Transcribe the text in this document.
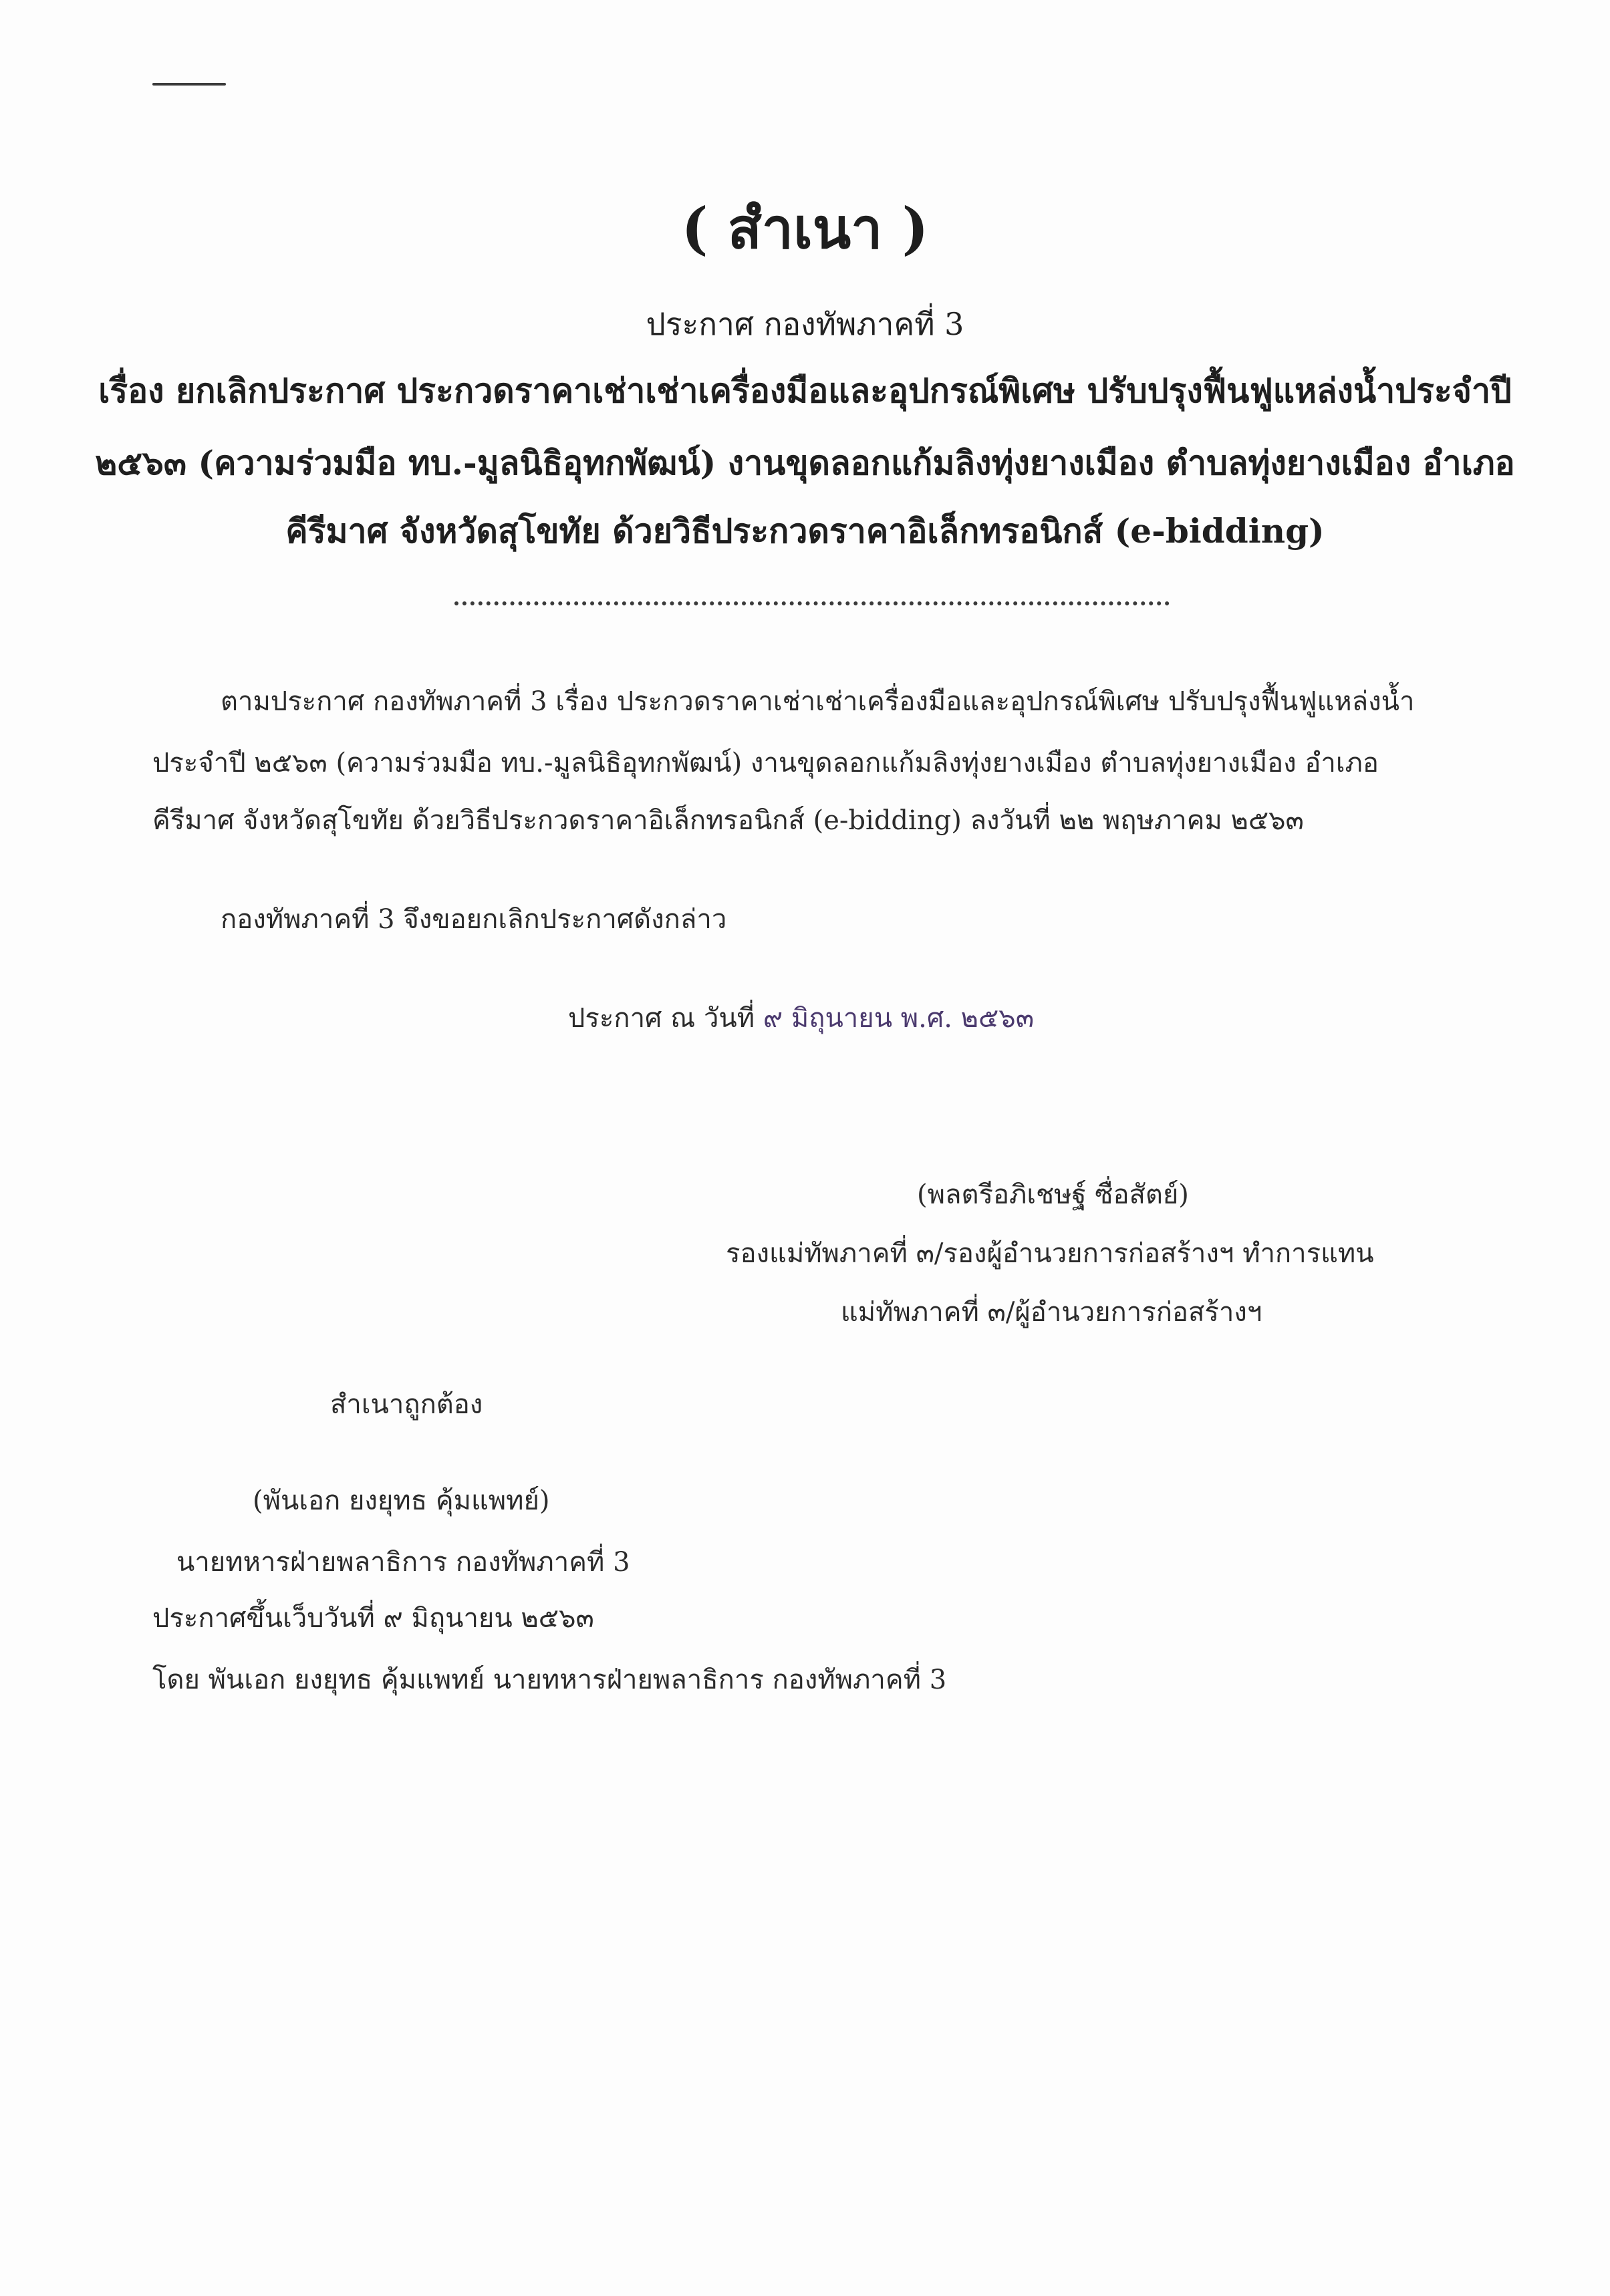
( สำเนา )
ประกาศ กองทัพภาคที่ 3
เรื่อง ยกเลิกประกาศ ประกวดราคาเช่าเช่าเครื่องมือและอุปกรณ์พิเศษ ปรับปรุงฟื้นฟูแหล่งน้ำประจำปี
๒๕๖๓ (ความร่วมมือ ทบ.-มูลนิธิอุทกพัฒน์) งานขุดลอกแก้มลิงทุ่งยางเมือง ตำบลทุ่งยางเมือง อำเภอ
คีรีมาศ จังหวัดสุโขทัย ด้วยวิธีประกวดราคาอิเล็กทรอนิกส์ (e-bidding)
ตามประกาศ กองทัพภาคที่ 3 เรื่อง ประกวดราคาเช่าเช่าเครื่องมือและอุปกรณ์พิเศษ ปรับปรุงฟื้นฟูแหล่งน้ำ
ประจำปี ๒๕๖๓ (ความร่วมมือ ทบ.-มูลนิธิอุทกพัฒน์) งานขุดลอกแก้มลิงทุ่งยางเมือง ตำบลทุ่งยางเมือง อำเภอ
คีรีมาศ จังหวัดสุโขทัย ด้วยวิธีประกวดราคาอิเล็กทรอนิกส์ (e-bidding) ลงวันที่ ๒๒ พฤษภาคม ๒๕๖๓
กองทัพภาคที่ 3 จึงขอยกเลิกประกาศดังกล่าว
ประกาศ ณ วันที่ ๙ มิถุนายน พ.ศ. ๒๕๖๓
(พลตรีอภิเชษฐ์ ซื่อสัตย์)
รองแม่ทัพภาคที่ ๓/รองผู้อำนวยการก่อสร้างฯ ทำการแทน
แม่ทัพภาคที่ ๓/ผู้อำนวยการก่อสร้างฯ
สำเนาถูกต้อง
(พันเอก ยงยุทธ คุ้มแพทย์)
นายทหารฝ่ายพลาธิการ กองทัพภาคที่ 3
ประกาศขึ้นเว็บวันที่ ๙ มิถุนายน ๒๕๖๓
โดย พันเอก ยงยุทธ คุ้มแพทย์ นายทหารฝ่ายพลาธิการ กองทัพภาคที่ 3
